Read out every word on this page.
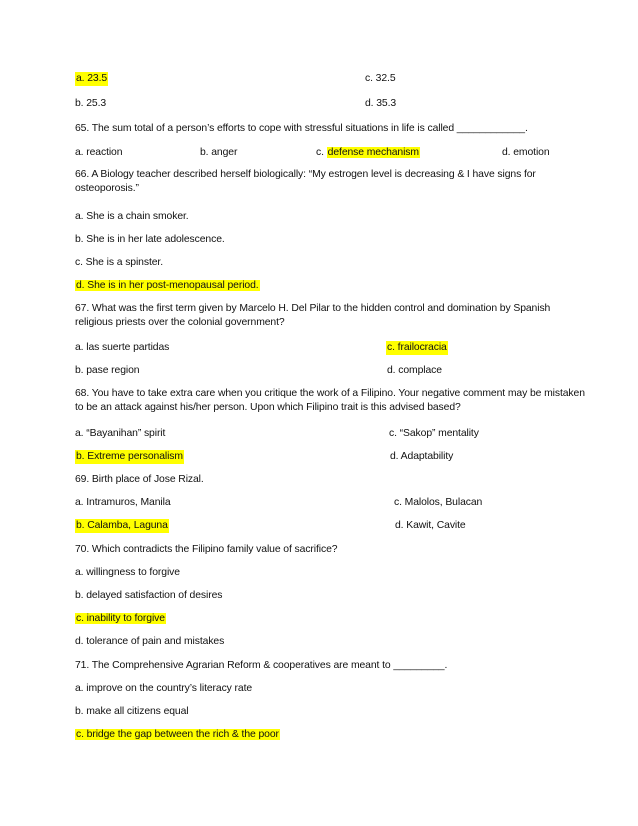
a. 23.5	c. 32.5
b. 25.3	d. 35.3
65. The sum total of a person’s efforts to cope with stressful situations in life is called ____________.
a. reaction	b. anger	c. defense mechanism	d. emotion
66. A Biology teacher described herself biologically: “My estrogen level is decreasing & I have signs for osteoporosis.”
a. She is a chain smoker.
b. She is in her late adolescence.
c. She is a spinster.
d. She is in her post-menopausal period.
67. What was the first term given by Marcelo H. Del Pilar to the hidden control and domination by Spanish religious priests over the colonial government?
a. las suerte partidas	c. frailocracia
b. pase region	d. complace
68. You have to take extra care when you critique the work of a Filipino. Your negative comment may be mistaken to be an attack against his/her person. Upon which Filipino trait is this advised based?
a. “Bayanihan” spirit	c. “Sakop” mentality
b. Extreme personalism	d. Adaptability
69. Birth place of Jose Rizal.
a. Intramuros, Manila	c. Malolos, Bulacan
b. Calamba, Laguna	d. Kawit, Cavite
70. Which contradicts the Filipino family value of sacrifice?
a. willingness to forgive
b. delayed satisfaction of desires
c. inability to forgive
d. tolerance of pain and mistakes
71. The Comprehensive Agrarian Reform & cooperatives are meant to _________.
a. improve on the country’s literacy rate
b. make all citizens equal
c. bridge the gap between the rich & the poor
